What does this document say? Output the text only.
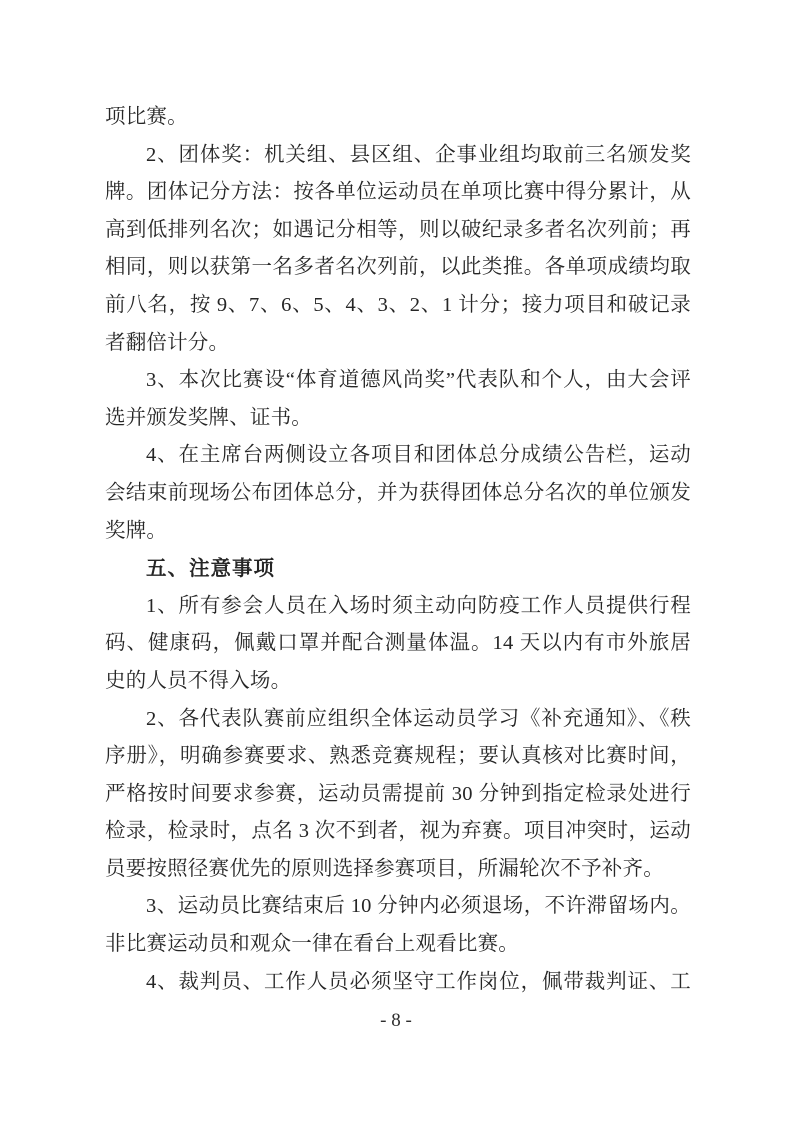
项比赛。
2、团体奖：机关组、县区组、企事业组均取前三名颁发奖
牌。团体记分方法：按各单位运动员在单项比赛中得分累计，从
高到低排列名次；如遇记分相等，则以破纪录多者名次列前；再
相同，则以获第一名多者名次列前，以此类推。各单项成绩均取
前八名，按 9、7、6、5、4、3、2、1 计分；接力项目和破记录
者翻倍计分。
3、本次比赛设“体育道德风尚奖”代表队和个人，由大会评
选并颁发奖牌、证书。
4、在主席台两侧设立各项目和团体总分成绩公告栏，运动
会结束前现场公布团体总分，并为获得团体总分名次的单位颁发
奖牌。
五、注意事项
1、所有参会人员在入场时须主动向防疫工作人员提供行程
码、健康码，佩戴口罩并配合测量体温。14 天以内有市外旅居
史的人员不得入场。
2、各代表队赛前应组织全体运动员学习《补充通知》、《秩
序册》，明确参赛要求、熟悉竞赛规程；要认真核对比赛时间，
严格按时间要求参赛，运动员需提前 30 分钟到指定检录处进行
检录，检录时，点名 3 次不到者，视为弃赛。项目冲突时，运动
员要按照径赛优先的原则选择参赛项目，所漏轮次不予补齐。
3、运动员比赛结束后 10 分钟内必须退场，不许滞留场内。
非比赛运动员和观众一律在看台上观看比赛。
4、裁判员、工作人员必须坚守工作岗位，佩带裁判证、工
- 8 -
